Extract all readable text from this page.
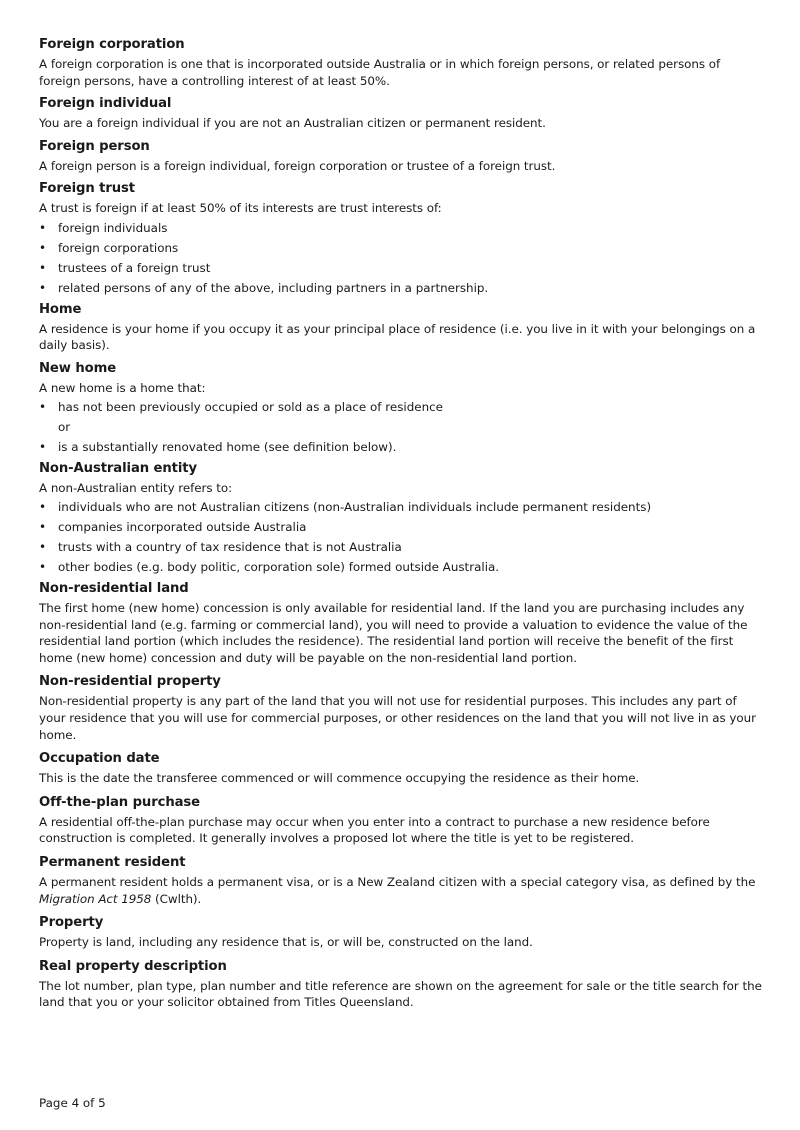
Foreign corporation

A foreign corporation is one that is incorporated outside Australia or in which foreign persons, or related persons of foreign persons, have a controlling interest of at least 50%.

Foreign individual

You are a foreign individual if you are not an Australian citizen or permanent resident.

Foreign person

A foreign person is a foreign individual, foreign corporation or trustee of a foreign trust.

Foreign trust

A trust is foreign if at least 50% of its interests are trust interests of:

• foreign individuals
• foreign corporations
• trustees of a foreign trust
• related persons of any of the above, including partners in a partnership.

Home

A residence is your home if you occupy it as your principal place of residence (i.e. you live in it with your belongings on a daily basis).

New home

A new home is a home that:

• has not been previously occupied or sold as a place of residence
or
• is a substantially renovated home (see definition below).

Non-Australian entity

A non-Australian entity refers to:

• individuals who are not Australian citizens (non-Australian individuals include permanent residents)
• companies incorporated outside Australia
• trusts with a country of tax residence that is not Australia
• other bodies (e.g. body politic, corporation sole) formed outside Australia.

Non-residential land

The first home (new home) concession is only available for residential land. If the land you are purchasing includes any non-residential land (e.g. farming or commercial land), you will need to provide a valuation to evidence the value of the residential land portion (which includes the residence). The residential land portion will receive the benefit of the first home (new home) concession and duty will be payable on the non-residential land portion.

Non-residential property

Non-residential property is any part of the land that you will not use for residential purposes. This includes any part of your residence that you will use for commercial purposes, or other residences on the land that you will not live in as your home.

Occupation date

This is the date the transferee commenced or will commence occupying the residence as their home.

Off-the-plan purchase

A residential off-the-plan purchase may occur when you enter into a contract to purchase a new residence before construction is completed. It generally involves a proposed lot where the title is yet to be registered.

Permanent resident

A permanent resident holds a permanent visa, or is a New Zealand citizen with a special category visa, as defined by the Migration Act 1958 (Cwlth).

Property

Property is land, including any residence that is, or will be, constructed on the land.

Real property description

The lot number, plan type, plan number and title reference are shown on the agreement for sale or the title search for the land that you or your solicitor obtained from Titles Queensland.

Page 4 of 5
